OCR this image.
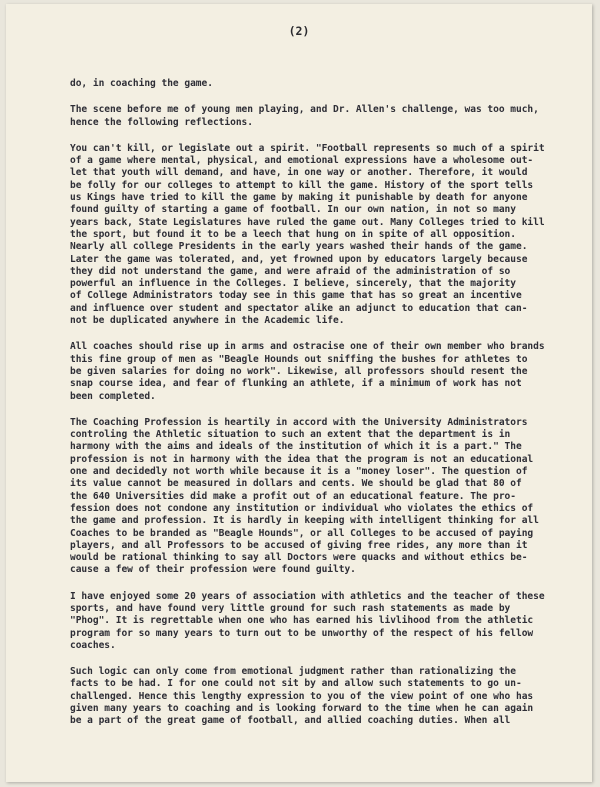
(2)

do, in coaching the game.

The scene before me of young men playing, and Dr. Allen's challenge, was too much,
hence the following reflections.

You can't kill, or legislate out a spirit. "Football represents so much of a spirit
of a game where mental, physical, and emotional expressions have a wholesome out-
let that youth will demand, and have, in one way or another. Therefore, it would
be folly for our colleges to attempt to kill the game. History of the sport tells
us Kings have tried to kill the game by making it punishable by death for anyone
found guilty of starting a game of football. In our own nation, in not so many
years back, State Legislatures have ruled the game out. Many Colleges tried to kill
the sport, but found it to be a leech that hung on in spite of all opposition.
Nearly all college Presidents in the early years washed their hands of the game.
Later the game was tolerated, and, yet frowned upon by educators largely because
they did not understand the game, and were afraid of the administration of so
powerful an influence in the Colleges. I believe, sincerely, that the majority
of College Administrators today see in this game that has so great an incentive
and influence over student and spectator alike an adjunct to education that can-
not be duplicated anywhere in the Academic life.

All coaches should rise up in arms and ostracise one of their own member who brands
this fine group of men as "Beagle Hounds out sniffing the bushes for athletes to
be given salaries for doing no work". Likewise, all professors should resent the
snap course idea, and fear of flunking an athlete, if a minimum of work has not
been completed.

The Coaching Profession is heartily in accord with the University Administrators
controling the Athletic situation to such an extent that the department is in
harmony with the aims and ideals of the institution of which it is a part." The
profession is not in harmony with the idea that the program is not an educational
one and decidedly not worth while because it is a "money loser". The question of
its value cannot be measured in dollars and cents. We should be glad that 80 of
the 640 Universities did make a profit out of an educational feature. The pro-
fession does not condone any institution or individual who violates the ethics of
the game and profession. It is hardly in keeping with intelligent thinking for all
Coaches to be branded as "Beagle Hounds", or all Colleges to be accused of paying
players, and all Professors to be accused of giving free rides, any more than it
would be rational thinking to say all Doctors were quacks and without ethics be-
cause a few of their profession were found guilty.

I have enjoyed some 20 years of association with athletics and the teacher of these
sports, and have found very little ground for such rash statements as made by
"Phog". It is regrettable when one who has earned his livlihood from the athletic
program for so many years to turn out to be unworthy of the respect of his fellow
coaches.

Such logic can only come from emotional judgment rather than rationalizing the
facts to be had. I for one could not sit by and allow such statements to go un-
challenged. Hence this lengthy expression to you of the view point of one who has
given many years to coaching and is looking forward to the time when he can again
be a part of the great game of football, and allied coaching duties. When all
